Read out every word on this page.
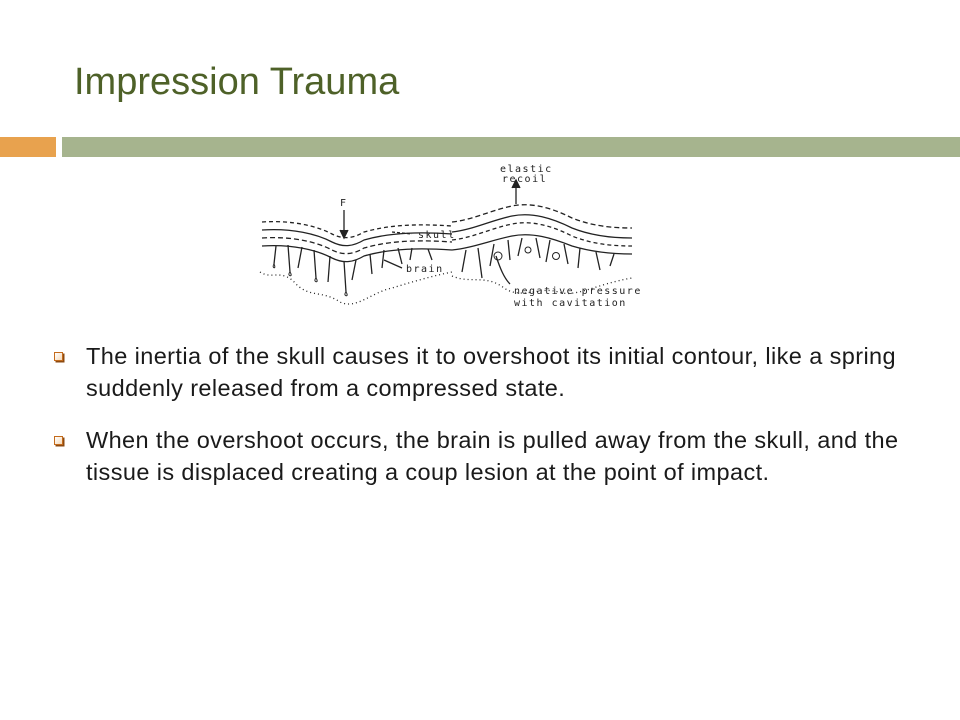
Impression Trauma
F
skull
brain
elastic
recoil
negative pressure
with cavitation
The inertia of the skull causes it to overshoot its initial contour, like a spring suddenly released from a compressed state.
When the overshoot occurs, the brain is pulled away from the skull, and the tissue is displaced creating a coup lesion at the point of impact.
